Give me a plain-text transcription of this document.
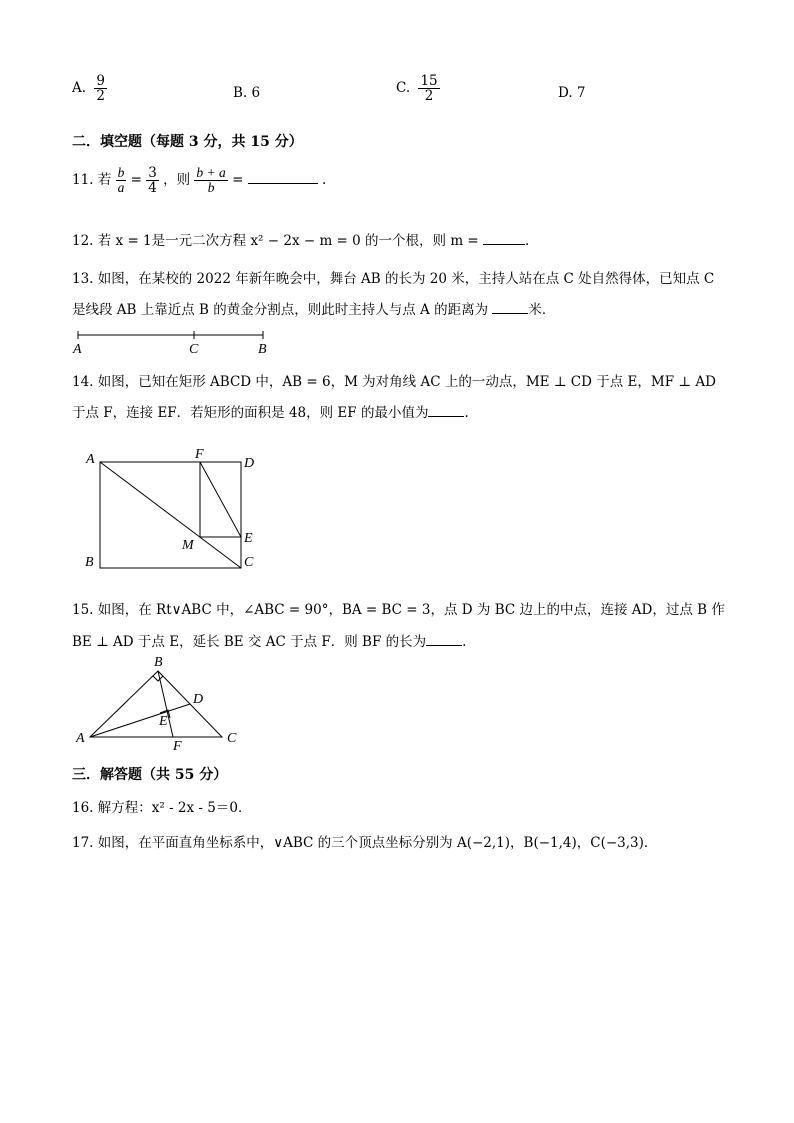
A. $\frac{9}{2}$	B. 6	C. $\frac{15}{2}$	D. 7
二．填空题（每题 3 分，共 15 分）
11. 若 $\frac{b}{a} = \frac{3}{4}$ ，则 $\frac{b + a}{b}$ =	.
12. 若 x = 1是一元二次方程 x² − 2x − m = 0 的一个根，则 m =	.
13. 如图，在某校的 2022 年新年晚会中，舞台 AB 的长为 20 米，主持人站在点 C 处自然得体，已知点 C
是线段 AB 上靠近点 B 的黄金分割点，则此时主持人与点 A 的距离为	米．
A	C	B
14. 如图，已知在矩形 ABCD 中，AB = 6，M 为对角线 AC 上的一动点，ME ⊥ CD 于点 E，MF ⊥ AD
于点 F，连接 EF．若矩形的面积是 48，则 EF 的最小值为	.
A	F
D
E
M
B	C
15. 如图，在 Rt∨ABC 中，∠ABC = 90°，BA = BC = 3，点 D 为 BC 边上的中点，连接 AD，过点 B 作
BE ⊥ AD 于点 E，延长 BE 交 AC 于点 F．则 BF 的长为	.
B
D
E
A
F
C
三．解答题（共 55 分）
16. 解方程：x² - 2x - 5＝0．
17. 如图，在平面直角坐标系中，∨ABC 的三个顶点坐标分别为 A(−2,1)，B(−1,4)，C(−3,3)．
